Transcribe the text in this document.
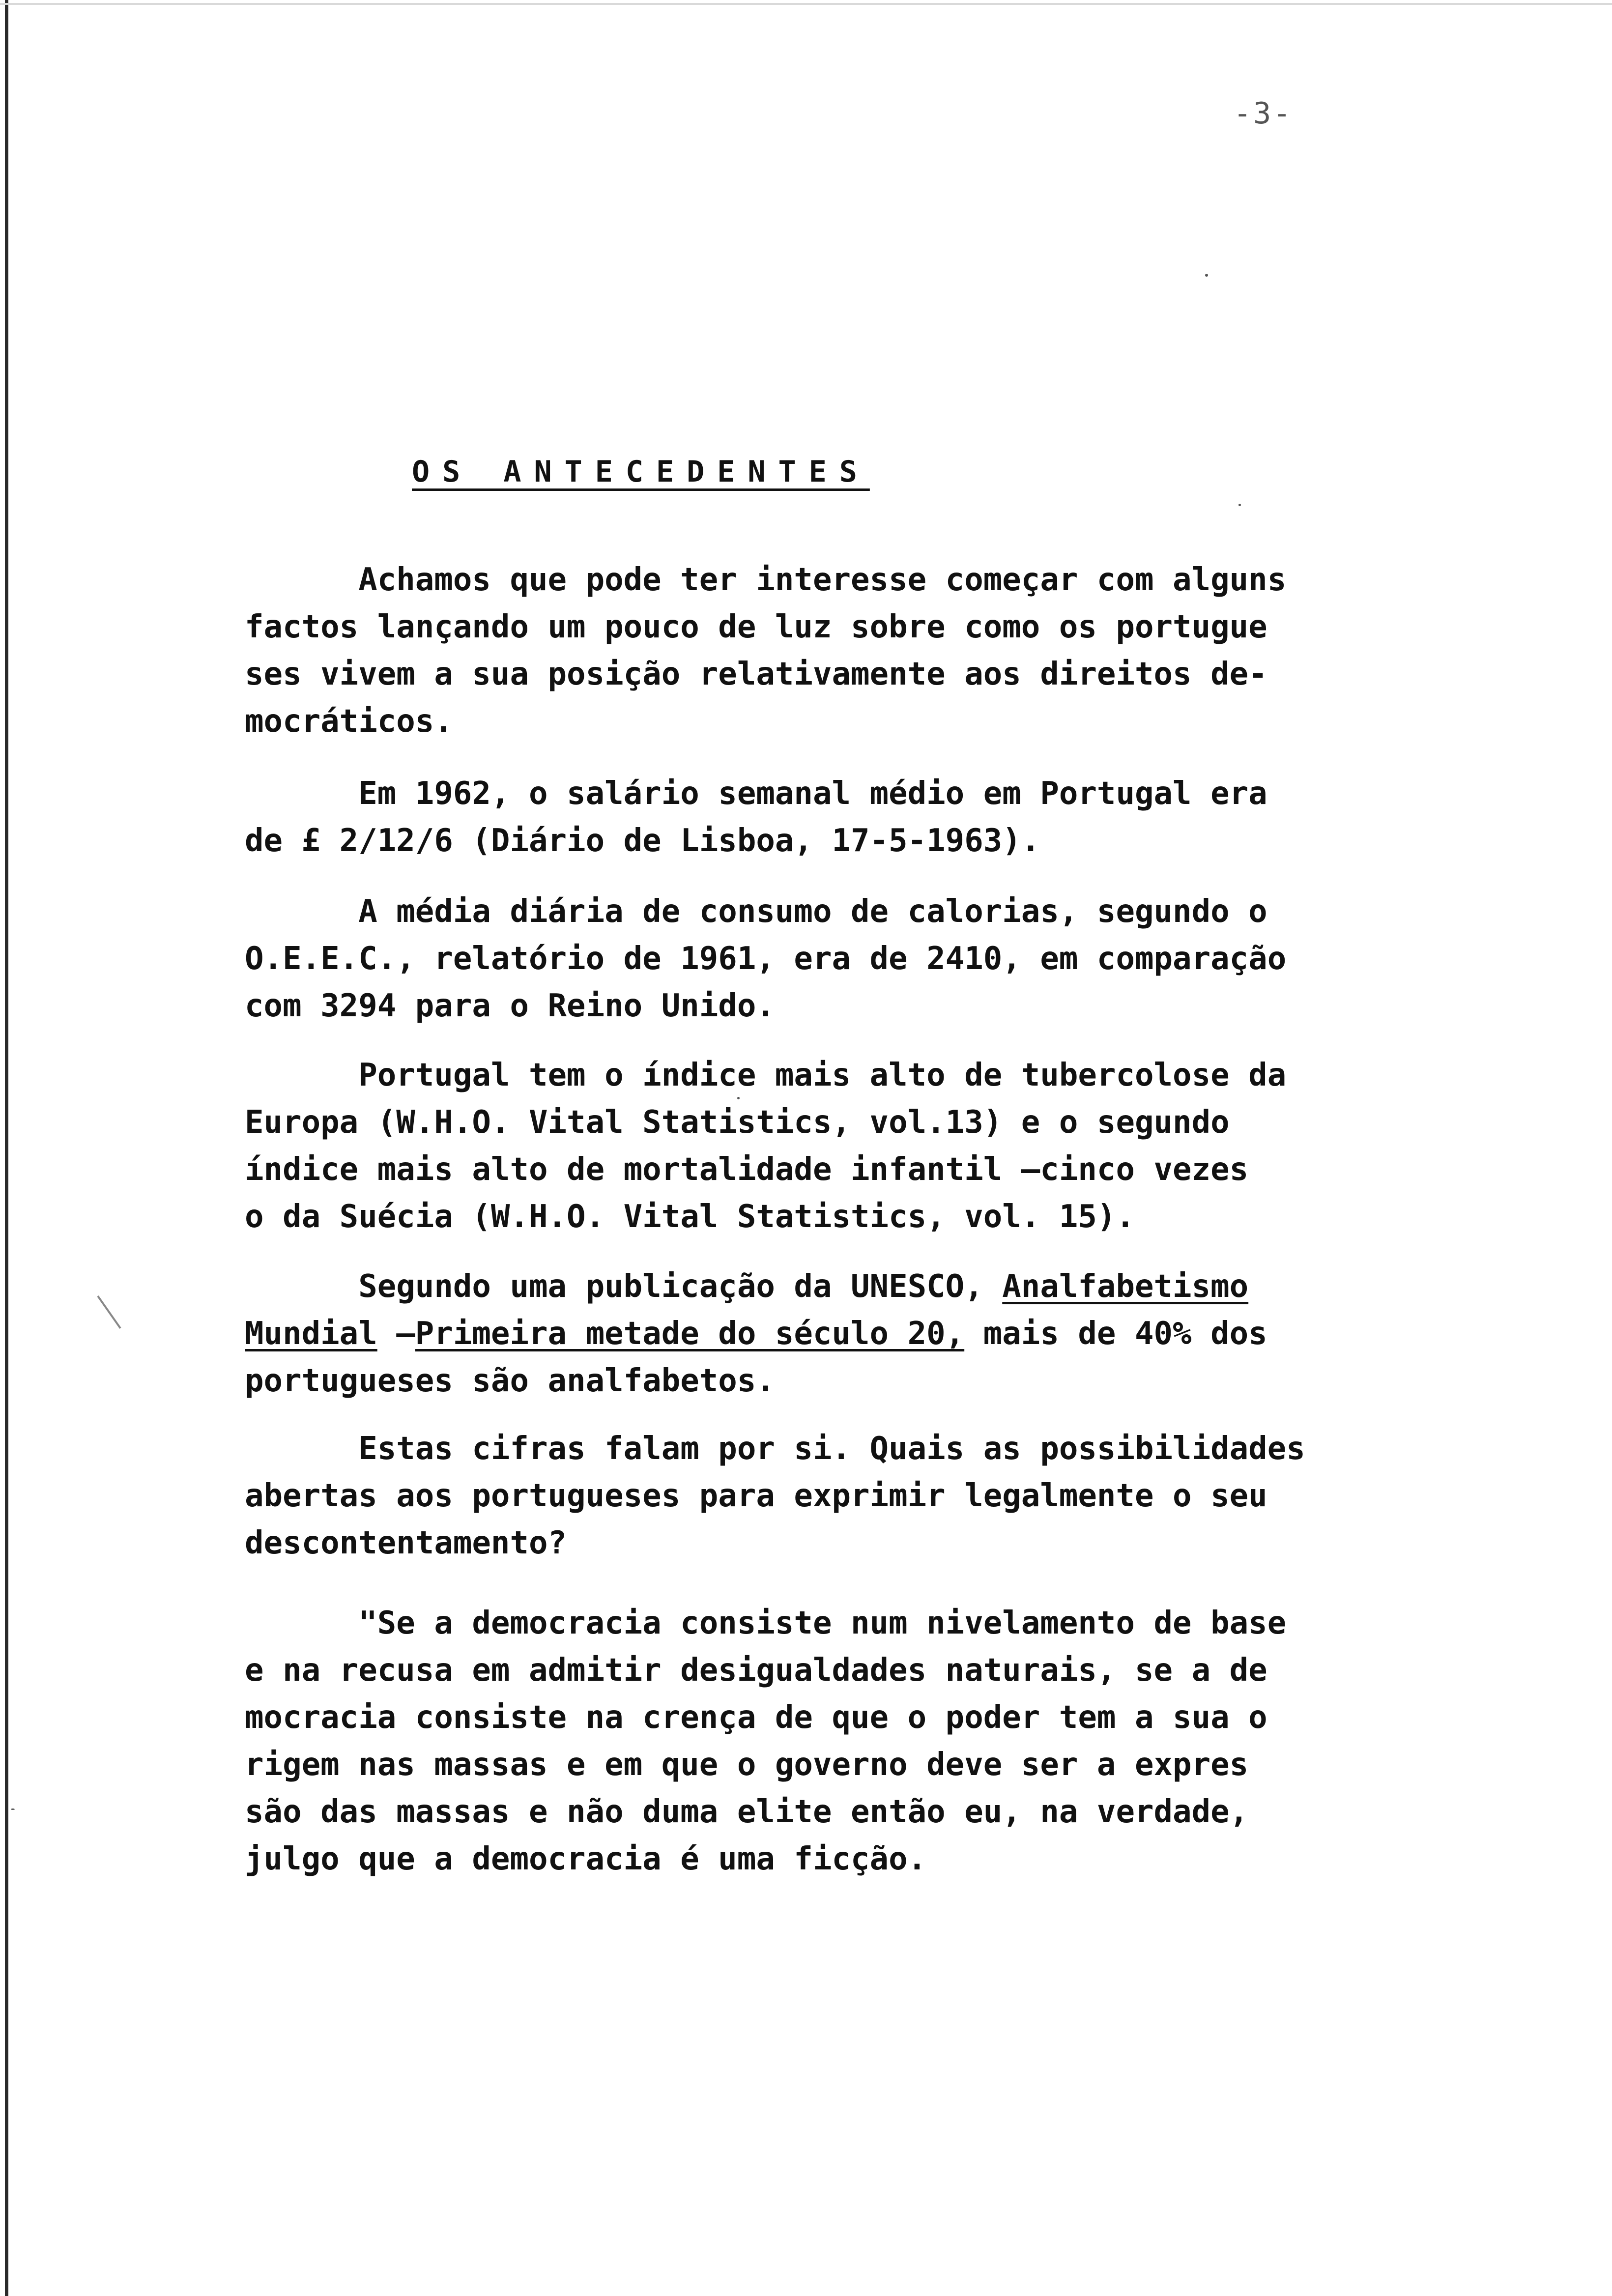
-3-
OS ANTECEDENTES

Achamos que pode ter interesse começar com alguns
factos lançando um pouco de luz sobre como os portugue
ses vivem a sua posição relativamente aos direitos de-
mocráticos.

Em 1962, o salário semanal médio em Portugal era
de £ 2/12/6 (Diário de Lisboa, 17-5-1963).

A média diária de consumo de calorias, segundo o
O.E.E.C., relatório de 1961, era de 2410, em comparação
com 3294 para o Reino Unido.

Portugal tem o índice mais alto de tubercolose da
Europa (W.H.O. Vital Statistics, vol.13) e o segundo
índice mais alto de mortalidade infantil —cinco vezes
o da Suécia (W.H.O. Vital Statistics, vol. 15).

Segundo uma publicação da UNESCO, Analfabetismo
Mundial —Primeira metade do século 20, mais de 40% dos
portugueses são analfabetos.

Estas cifras falam por si. Quais as possibilidades
abertas aos portugueses para exprimir legalmente o seu
descontentamento?

"Se a democracia consiste num nivelamento de base
e na recusa em admitir desigualdades naturais, se a de
mocracia consiste na crença de que o poder tem a sua o
rigem nas massas e em que o governo deve ser a expres
são das massas e não duma elite então eu, na verdade,
julgo que a democracia é uma ficção.
